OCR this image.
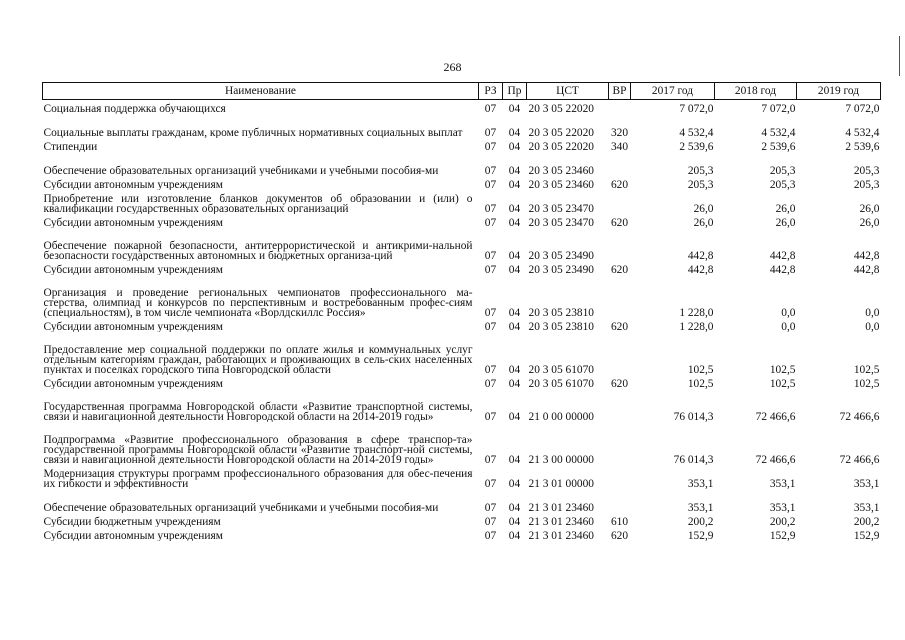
268
Наименование	РЗ	Пр	ЦСТ	ВР	2017 год	2018 год	2019 год

Социальная поддержка обучающихся	07	04	20 3 05 22020		7 072,0	7 072,0	7 072,0

Социальные выплаты гражданам, кроме публичных нормативных социальных выплат	07	04	20 3 05 22020	320	4 532,4	4 532,4	4 532,4

Стипендии	07	04	20 3 05 22020	340	2 539,6	2 539,6	2 539,6

Обеспечение образовательных организаций учебниками и учебными пособия-ми	07	04	20 3 05 23460		205,3	205,3	205,3

Субсидии автономным учреждениям	07	04	20 3 05 23460	620	205,3	205,3	205,3

Приобретение или изготовление бланков документов об образовании и (или) о квалификации государственных образовательных организаций	07	04	20 3 05 23470		26,0	26,0	26,0

Субсидии автономным учреждениям	07	04	20 3 05 23470	620	26,0	26,0	26,0

Обеспечение пожарной безопасности, антитеррористической и антикрими-нальной безопасности государственных автономных и бюджетных организа-ций	07	04	20 3 05 23490		442,8	442,8	442,8

Субсидии автономным учреждениям	07	04	20 3 05 23490	620	442,8	442,8	442,8

Организация и проведение региональных чемпионатов профессионального ма-стерства, олимпиад и конкурсов по перспективным и востребованным профес-сиям (специальностям), в том числе чемпионата «Ворлдскиллс Россия»	07	04	20 3 05 23810		1 228,0	0,0	0,0

Субсидии автономным учреждениям	07	04	20 3 05 23810	620	1 228,0	0,0	0,0

Предоставление мер социальной поддержки по оплате жилья и коммунальных услуг отдельным категориям граждан, работающих и проживающих в сель-ских населенных пунктах и поселках городского типа Новгородской области	07	04	20 3 05 61070		102,5	102,5	102,5

Субсидии автономным учреждениям	07	04	20 3 05 61070	620	102,5	102,5	102,5

Государственная программа Новгородской области «Развитие транспортной системы, связи и навигационной деятельности Новгородской области на 2014-2019 годы»	07	04	21 0 00 00000		76 014,3	72 466,6	72 466,6

Подпрограмма «Развитие профессионального образования в сфере транспор-та» государственной программы Новгородской области «Развитие транспорт-ной системы, связи и навигационной деятельности Новгородской области на 2014-2019 годы»	07	04	21 3 00 00000		76 014,3	72 466,6	72 466,6

Модернизация структуры программ профессионального образования для обес-печения их гибкости и эффективности	07	04	21 3 01 00000		353,1	353,1	353,1

Обеспечение образовательных организаций учебниками и учебными пособия-ми	07	04	21 3 01 23460		353,1	353,1	353,1

Субсидии бюджетным учреждениям	07	04	21 3 01 23460	610	200,2	200,2	200,2

Субсидии автономным учреждениям	07	04	21 3 01 23460	620	152,9	152,9	152,9
